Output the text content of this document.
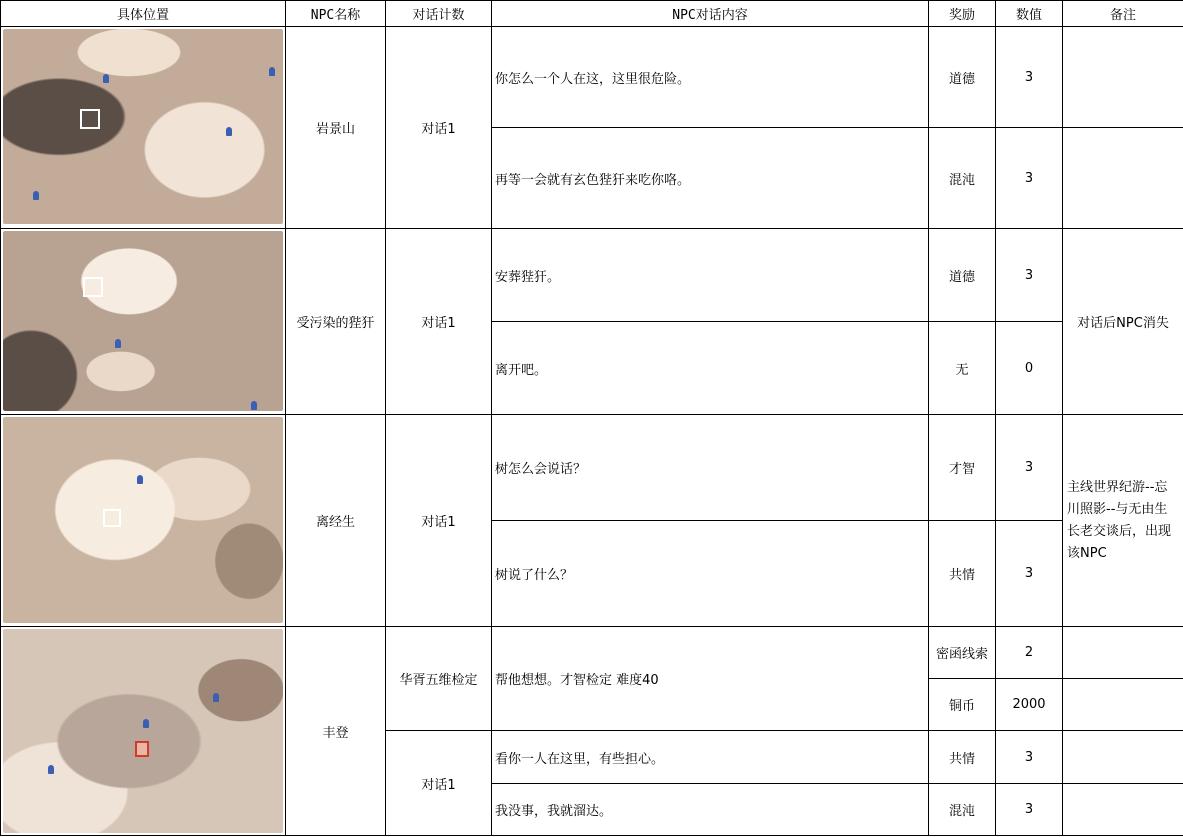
具体位置	NPC名称	对话计数	NPC对话内容	奖励	数值	备注

	岩景山	对话1	你怎么一个人在这，这里很危险。	道德	3	
			再等一会就有玄色狴犴来吃你咯。	混沌	3	

	受污染的狴犴	对话1	安葬狴犴。	道德	3	对话后NPC消失
			离开吧。	无	0	

	离经生	对话1	树怎么会说话？	才智	3	主线世界纪游--忘川照影--与无由生长老交谈后，出现该NPC

			树说了什么？	共情	3	

	丰登	华胥五维检定	帮他想想。才智检定 难度40	密函线索	2	
				铜币	2000	
		对话1	看你一人在这里，有些担心。	共情	3	
			我没事，我就溜达。	混沌	3	
